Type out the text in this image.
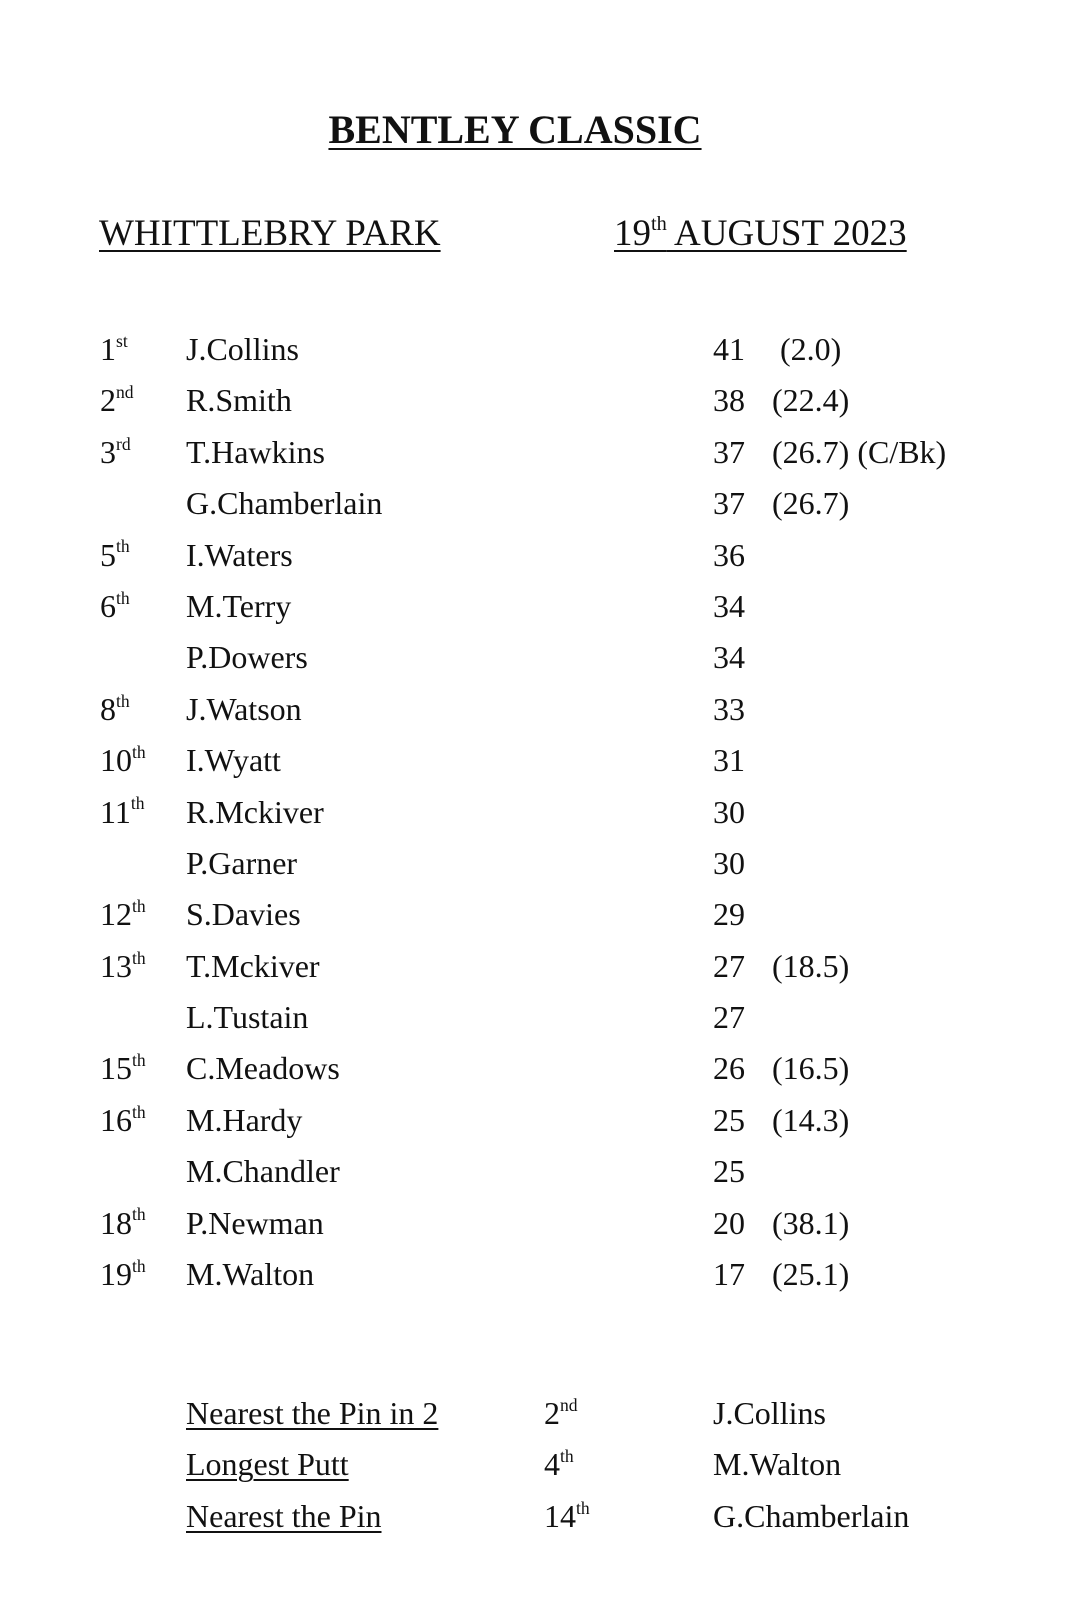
BENTLEY CLASSIC
WHITTLEBRY PARK	19th AUGUST 2023
1st J.Collins	41 (2.0)
2nd R.Smith	38 (22.4)
3rd T.Hawkins	37 (26.7) (C/Bk)
G.Chamberlain	37 (26.7)
5th I.Waters	36
6th M.Terry	34
P.Dowers	34
8th J.Watson	33
10th I.Wyatt	31
11th R.Mckiver	30
P.Garner	30
12th S.Davies	29
13th T.Mckiver	27 (18.5)
L.Tustain	27
15th C.Meadows	26 (16.5)
16th M.Hardy	25 (14.3)
M.Chandler	25
18th P.Newman	20 (38.1)
19th M.Walton	17 (25.1)
Nearest the Pin in 2	2nd	J.Collins
Longest Putt	4th	M.Walton
Nearest the Pin	14th	G.Chamberlain
